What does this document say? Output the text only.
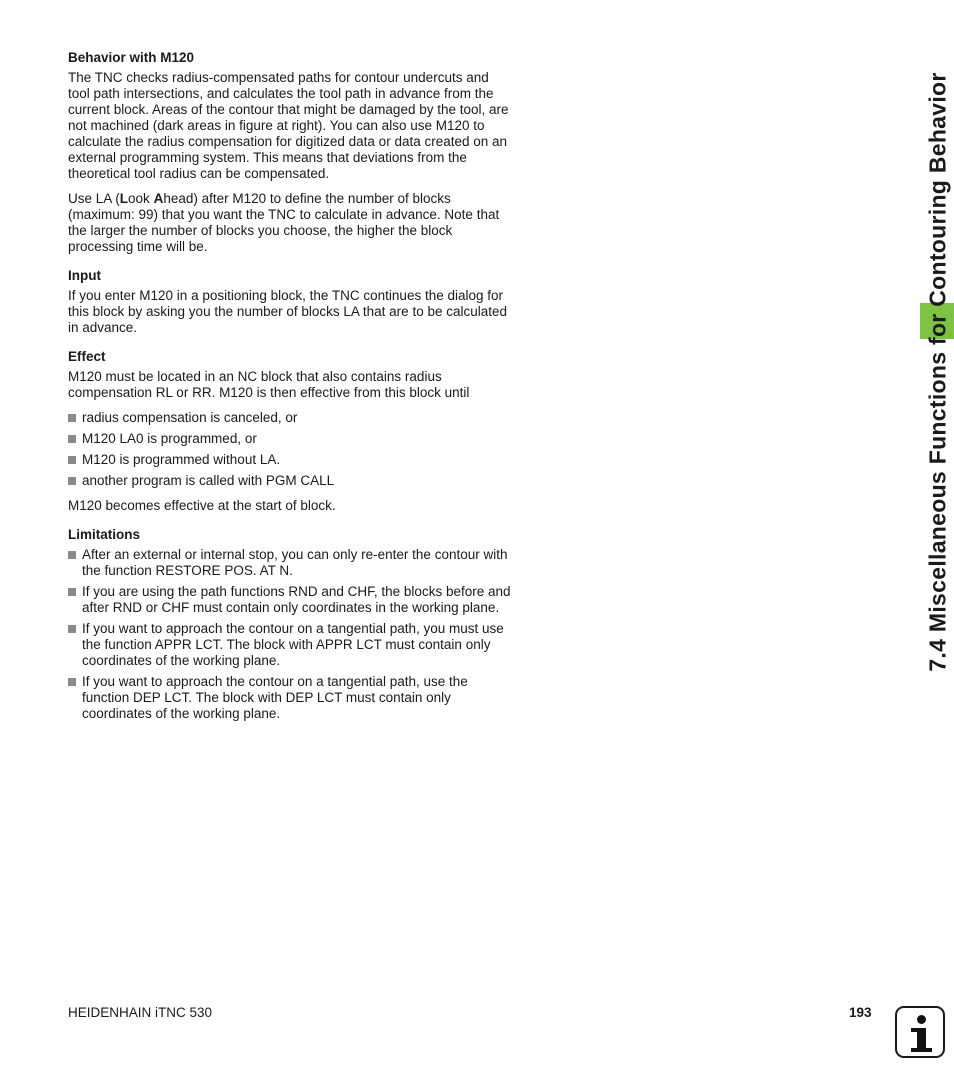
7.4 Miscellaneous Functions for Contouring Behavior
Behavior with M120

The TNC checks radius-compensated paths for contour undercuts and tool path intersections, and calculates the tool path in advance from the current block. Areas of the contour that might be damaged by the tool, are not machined (dark areas in figure at right). You can also use M120 to calculate the radius compensation for digitized data or data created on an external programming system. This means that deviations from the theoretical tool radius can be compensated.

Use LA (Look Ahead) after M120 to define the number of blocks (maximum: 99) that you want the TNC to calculate in advance. Note that the larger the number of blocks you choose, the higher the block processing time will be.

Input

If you enter M120 in a positioning block, the TNC continues the dialog for this block by asking you the number of blocks LA that are to be calculated in advance.

Effect

M120 must be located in an NC block that also contains radius compensation RL or RR. M120 is then effective from this block until

radius compensation is canceled, or
M120 LA0 is programmed, or
M120 is programmed without LA.
another program is called with PGM CALL

M120 becomes effective at the start of block.

Limitations
After an external or internal stop, you can only re-enter the contour with the function RESTORE POS. AT N.
If you are using the path functions RND and CHF, the blocks before and after RND or CHF must contain only coordinates in the working plane.
If you want to approach the contour on a tangential path, you must use the function APPR LCT. The block with APPR LCT must contain only coordinates of the working plane.
If you want to approach the contour on a tangential path, use the function DEP LCT. The block with DEP LCT must contain only coordinates of the working plane.
HEIDENHAIN iTNC 530	193
